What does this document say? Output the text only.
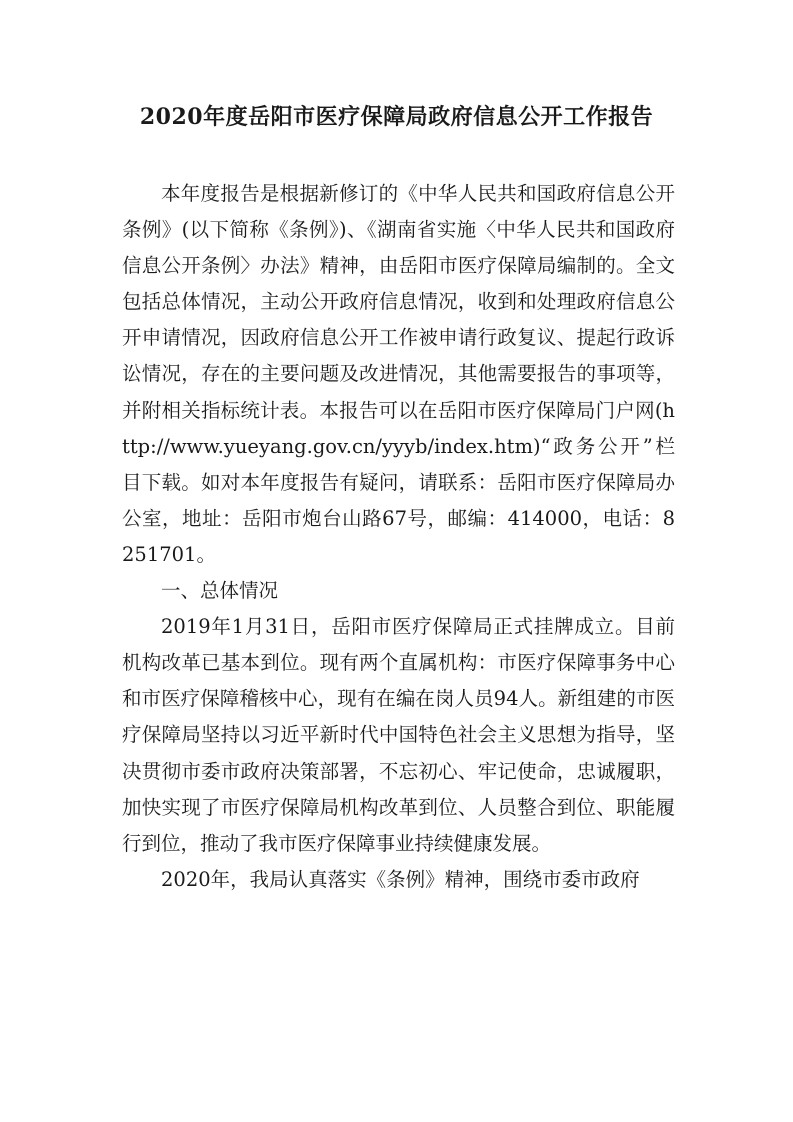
2020年度岳阳市医疗保障局政府信息公开工作报告

本年度报告是根据新修订的《中华人民共和国政府信息公开条例》(以下简称《条例》)、《湖南省实施〈中华人民共和国政府信息公开条例〉办法》精神，由岳阳市医疗保障局编制的。全文包括总体情况，主动公开政府信息情况，收到和处理政府信息公开申请情况，因政府信息公开工作被申请行政复议、提起行政诉讼情况，存在的主要问题及改进情况，其他需要报告的事项等，并附相关指标统计表。本报告可以在岳阳市医疗保障局门户网(http://www.yueyang.gov.cn/yyyb/index.htm)“政务公开”栏目下载。如对本年度报告有疑问，请联系：岳阳市医疗保障局办公室，地址：岳阳市炮台山路67号，邮编：414000，电话：8251701。

一、总体情况

2019年1月31日，岳阳市医疗保障局正式挂牌成立。目前机构改革已基本到位。现有两个直属机构：市医疗保障事务中心和市医疗保障稽核中心，现有在编在岗人员94人。新组建的市医疗保障局坚持以习近平新时代中国特色社会主义思想为指导，坚决贯彻市委市政府决策部署，不忘初心、牢记使命，忠诚履职，加快实现了市医疗保障局机构改革到位、人员整合到位、职能履行到位，推动了我市医疗保障事业持续健康发展。

2020年，我局认真落实《条例》精神，围绕市委市政府
